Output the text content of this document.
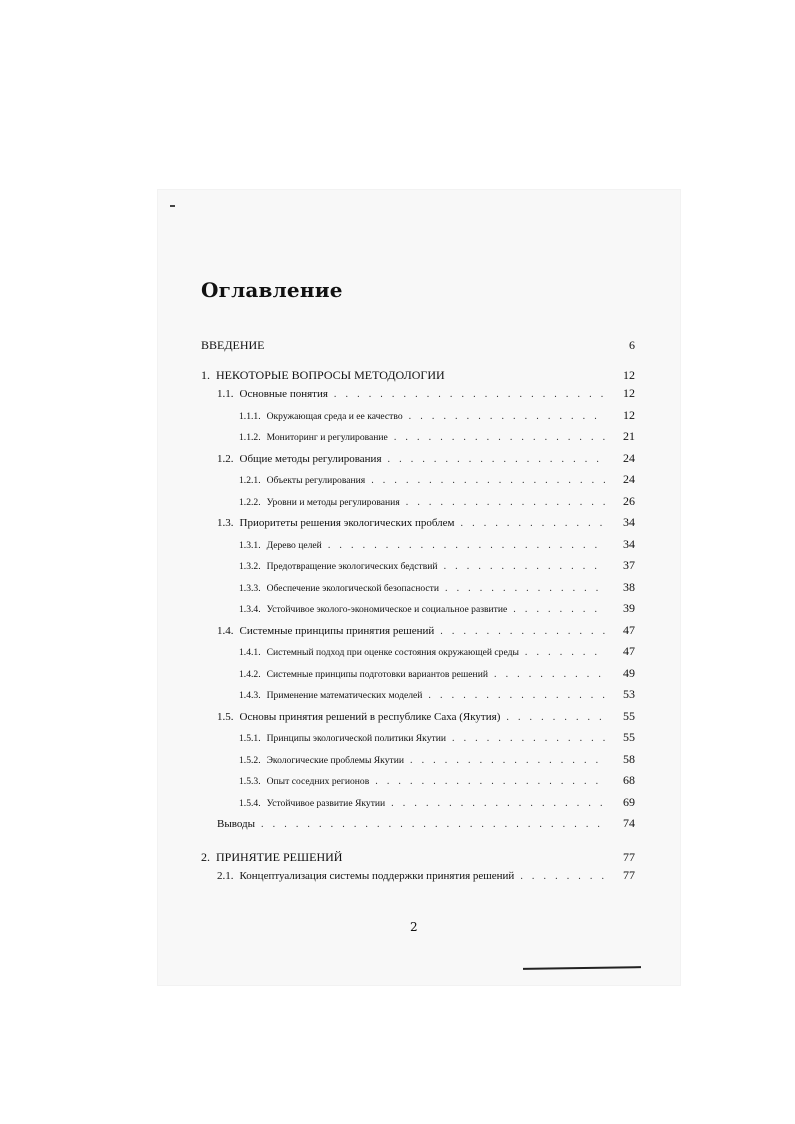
Оглавление
ВВЕДЕНИЕ	6
1. НЕКОТОРЫЕ ВОПРОСЫ МЕТОДОЛОГИИ	12
1.1. Основные понятия . . .	12
1.1.1. Окружающая среда и ее качество . . .	12
1.1.2. Мониторинг и регулирование . . .	21
1.2. Общие методы регулирования . . .	24
1.2.1. Объекты регулирования . . .	24
1.2.2. Уровни и методы регулирования . . .	26
1.3. Приоритеты решения экологических проблем . . .	34
1.3.1. Дерево целей . . .	34
1.3.2. Предотвращение экологических бедствий . . .	37
1.3.3. Обеспечение экологической безопасности . . .	38
1.3.4. Устойчивое эколого-экономическое и социальное развитие . . .	39
1.4. Системные принципы принятия решений . . .	47
1.4.1. Системный подход при оценке состояния окружающей среды . . .	47
1.4.2. Системные принципы подготовки вариантов решений . . .	49
1.4.3. Применение математических моделей . . .	53
1.5. Основы принятия решений в республике Саха (Якутия) . . .	55
1.5.1. Принципы экологической политики Якутии . . .	55
1.5.2. Экологические проблемы Якутии . . .	58
1.5.3. Опыт соседних регионов . . .	68
1.5.4. Устойчивое развитие Якутии . . .	69
Выводы . . .	74
2. ПРИНЯТИЕ РЕШЕНИЙ	77
2.1. Концептуализация системы поддержки принятия решений . . .	77
2
